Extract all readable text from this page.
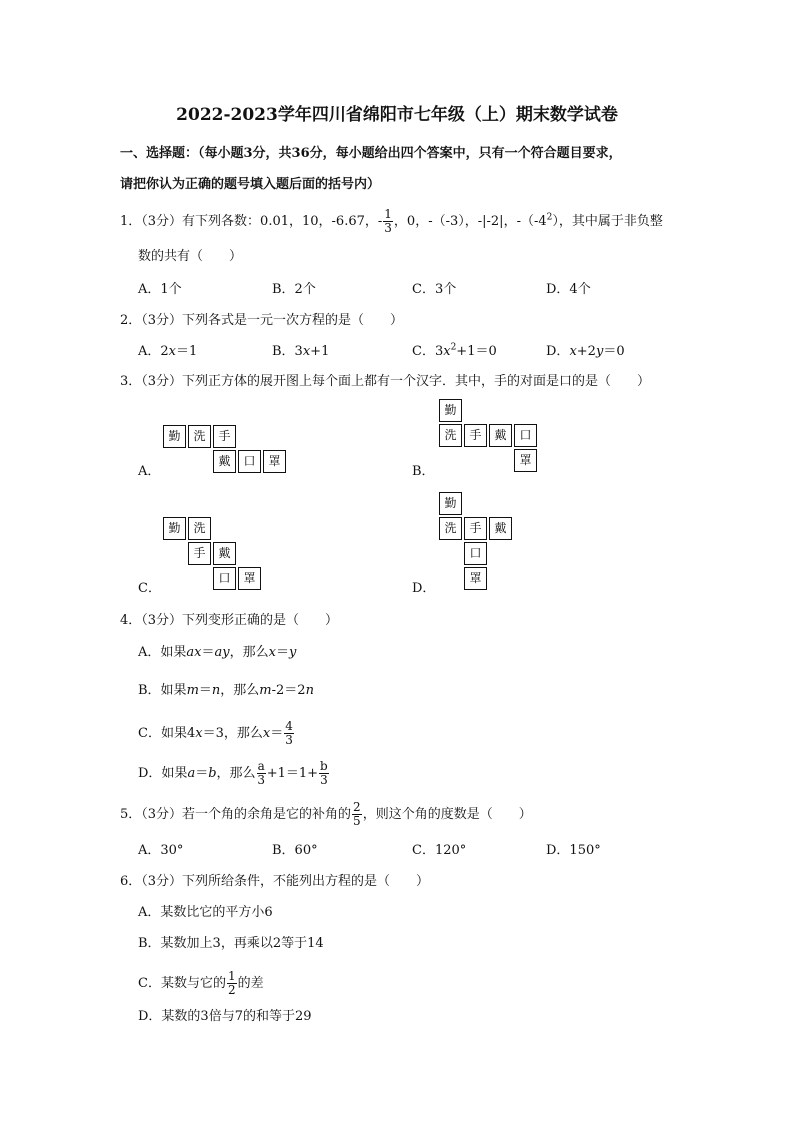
2022-2023学年四川省绵阳市七年级（上）期末数学试卷
一、选择题：（每小题3分，共36分，每小题给出四个答案中，只有一个符合题目要求，
请把你认为正确的题号填入题后面的括号内）
1．（3分）有下列各数：0.01，10，-6.67，- $\frac{1}{3}$ ，0，-（-3），-|-2|，$-(-4^2)$，其中属于非负整
数的共有（　　）
A．1个	B．2个	C．3个	D．4个
2．（3分）下列各式是一元一次方程的是（　　）
A．2x＝1	B．3x+1	C．$3x^2+1=0$	D．x+2y＝0
3．（3分）下列正方体的展开图上每个面上都有一个汉字．其中，手的对面是口的是（　　）
勤	洗	手
戴	口	罩
A．
勤
洗	手	戴	口
罩
B．
勤	洗
手	戴
口	罩
C．
勤
洗	手	戴
口
罩
D．
4．（3分）下列变形正确的是（　　）
A．如果ax＝ay，那么x＝y
B．如果m＝n，那么m-2＝2n
C．如果4x＝3，那么$x= \frac{4}{3}$
D．如果a＝b，那么 $\frac{a}{3} +1=1+ \frac{b}{3}$
5．（3分）若一个角的余角是它的补角的 $\frac{2}{5}$ ，则这个角的度数是（　　）
A．30°	B．60°	C．120°	D．150°
6．（3分）下列所给条件，不能列出方程的是（　　）
A．某数比它的平方小6
B．某数加上3，再乘以2等于14
C．某数与它的 $\frac{1}{2}$ 的差
D．某数的3倍与7的和等于29
